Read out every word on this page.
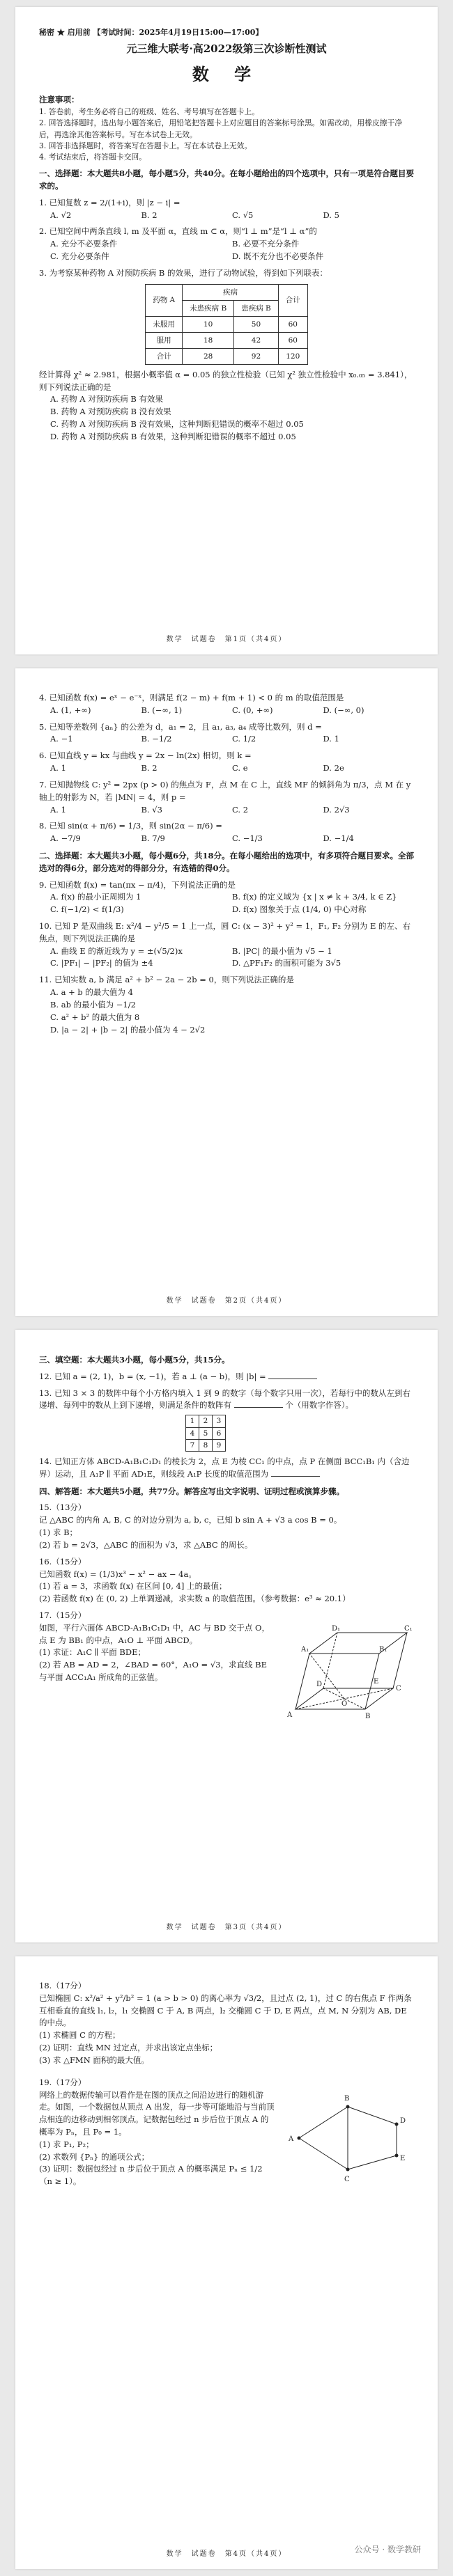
秘密 ★ 启用前 【考试时间：2025年4月19日15:00—17:00】
元三维大联考·高2022级第三次诊断性测试
数 学
注意事项：
1. 答卷前，考生务必将自己的班级、姓名、考号填写在答题卡上。
2. 回答选择题时，选出每小题答案后，用铅笔把答题卡上对应题目的答案标号涂黑。如需改动，用橡皮擦干净后，再选涂其他答案标号。写在本试卷上无效。
3. 回答非选择题时，将答案写在答题卡上。写在本试卷上无效。
4. 考试结束后，将答题卡交回。
一、选择题：本大题共8小题，每小题5分，共40分。在每小题给出的四个选项中，只有一项是符合题目要求的。
1. 已知复数 z = 2/(1+i)，则 |z − i| =
A. √2	B. 2	C. √5	D. 5
2. 已知空间中两条直线 l, m 及平面 α，直线 m ⊂ α，则“l ⊥ m”是“l ⊥ α”的
A. 充分不必要条件	B. 必要不充分条件
C. 充分必要条件	D. 既不充分也不必要条件
3. 为考察某种药物 A 对预防疾病 B 的效果，进行了动物试验，得到如下列联表：
药物 A	疾病		合计
	未患疾病 B	患疾病 B	
未服用	10	50	60
服用	18	42	60
合计	28	92	120
经计算得 χ² ≈ 2.981，根据小概率值 α = 0.05 的独立性检验（已知 χ² 独立性检验中 x₀.₀₅ = 3.841），则下列说法正确的是
A. 药物 A 对预防疾病 B 有效果
B. 药物 A 对预防疾病 B 没有效果
C. 药物 A 对预防疾病 B 没有效果，这种判断犯错误的概率不超过 0.05
D. 药物 A 对预防疾病 B 有效果，这种判断犯错误的概率不超过 0.05
数学　试题卷　第1页（共4页）
4. 已知函数 f(x) = eˣ − e⁻ˣ，则满足 f(2 − m) + f(m + 1) < 0 的 m 的取值范围是
A. (1, +∞)	B. (−∞, 1)	C. (0, +∞)	D. (−∞, 0)
5. 已知等差数列 {aₙ} 的公差为 d，a₁ = 2，且 a₁, a₃, a₄ 成等比数列，则 d =
A. −1	B. −1/2	C. 1/2	D. 1
6. 已知直线 y = kx 与曲线 y = 2x − ln(2x) 相切，则 k =
A. 1	B. 2	C. e	D. 2e
7. 已知抛物线 C: y² = 2px (p > 0) 的焦点为 F，点 M 在 C 上，直线 MF 的倾斜角为 π/3，点 M 在 y 轴上的射影为 N，若 |MN| = 4，则 p =
A. 1	B. √3	C. 2	D. 2√3
8. 已知 sin(α + π/6) = 1/3，则 sin(2α − π/6) =
A. −7/9	B. 7/9	C. −1/3	D. −1/4
二、选择题：本大题共3小题，每小题6分，共18分。在每小题给出的选项中，有多项符合题目要求。全部选对的得6分，部分选对的得部分分，有选错的得0分。
9. 已知函数 f(x) = tan(πx − π/4)，下列说法正确的是
A. f(x) 的最小正周期为 1	B. f(x) 的定义域为 {x | x ≠ k + 3/4, k ∈ Z}
C. f(−1/2) < f(1/3)	D. f(x) 图象关于点 (1/4, 0) 中心对称
10. 已知 P 是双曲线 E: x²/4 − y²/5 = 1 上一点，圆 C: (x − 3)² + y² = 1，F₁, F₂ 分别为 E 的左、右焦点，则下列说法正确的是
A. 曲线 E 的渐近线为 y = ±(√5/2)x	B. |PC| 的最小值为 √5 − 1
C. |PF₁| − |PF₂| 的值为 ±4	D. △PF₁F₂ 的面积可能为 3√5
11. 已知实数 a, b 满足 a² + b² − 2a − 2b = 0，则下列说法正确的是
A. a + b 的最大值为 4
B. ab 的最小值为 −1/2
C. a² + b² 的最大值为 8
D. |a − 2| + |b − 2| 的最小值为 4 − 2√2
数学　试题卷　第2页（共4页）
三、填空题：本大题共3小题，每小题5分，共15分。
12. 已知 a = (2, 1)，b = (x, −1)，若 a ⊥ (a − b)，则 |b| =
13. 已知 3 × 3 的数阵中每个小方格内填入 1 到 9 的数字（每个数字只用一次），若每行中的数从左到右递增、每列中的数从上到下递增，则满足条件的数阵有	个（用数字作答）。
1	2	3
4	5	6
7	8	9
14. 已知正方体 ABCD-A₁B₁C₁D₁ 的棱长为 2，点 E 为棱 CC₁ 的中点，点 P 在侧面 BCC₁B₁ 内（含边界）运动，且 A₁P ∥ 平面 AD₁E，则线段 A₁P 长度的取值范围为
四、解答题：本大题共5小题，共77分。解答应写出文字说明、证明过程或演算步骤。
15.（13分）
记 △ABC 的内角 A, B, C 的对边分别为 a, b, c，已知 b sin A + √3 a cos B = 0。
(1) 求 B；
(2) 若 b = 2√3，△ABC 的面积为 √3，求 △ABC 的周长。
16.（15分）
已知函数 f(x) = (1/3)x³ − x² − ax − 4a。
(1) 若 a = 3，求函数 f(x) 在区间 [0, 4] 上的最值；
(2) 若函数 f(x) 在 (0, 2) 上单调递减，求实数 a 的取值范围。（参考数据：e³ ≈ 20.1）
17.（15分）
如图，平行六面体 ABCD-A₁B₁C₁D₁ 中，AC 与 BD 交于点 O，点 E 为 BB₁ 的中点，A₁O ⊥ 平面 ABCD。
(1) 求证：A₁C ∥ 平面 BDE；
(2) 若 AB = AD = 2，∠BAD = 60°，A₁O = √3，求直线 BE 与平面 ACC₁A₁ 所成角的正弦值。
A	B
C
D
A₁	B₁
C₁
D₁
O
E
数学　试题卷　第3页（共4页）
18.（17分）
已知椭圆 C: x²/a² + y²/b² = 1 (a > b > 0) 的离心率为 √3/2，且过点 (2, 1)，过 C 的右焦点 F 作两条互相垂直的直线 l₁, l₂，l₁ 交椭圆 C 于 A, B 两点，l₂ 交椭圆 C 于 D, E 两点，点 M, N 分别为 AB, DE 的中点。
(1) 求椭圆 C 的方程；
(2) 证明：直线 MN 过定点，并求出该定点坐标；
(3) 求 △FMN 面积的最大值。
19.（17分）
网络上的数据传输可以看作是在图的顶点之间沿边进行的随机游走。如图，一个数据包从顶点 A 出发，每一步等可能地沿与当前顶点相连的边移动到相邻顶点。记数据包经过 n 步后位于顶点 A 的概率为 Pₙ，且 P₀ = 1。
(1) 求 P₁, P₂；
(2) 求数列 {Pₙ} 的通项公式；
(3) 证明：数据包经过 n 步后位于顶点 A 的概率满足 Pₙ ≤ 1/2（n ≥ 1）。
A
B
C
D
E
数学　试题卷　第4页（共4页）	公众号 · 数学教研
